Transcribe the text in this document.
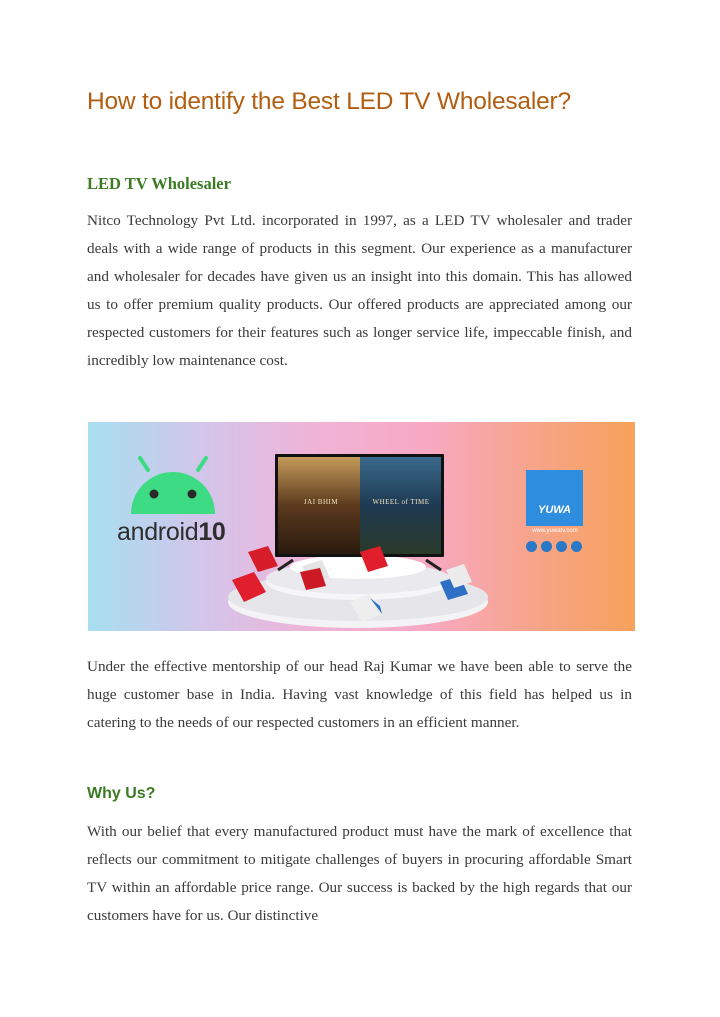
How to identify the Best LED TV Wholesaler?
LED TV Wholesaler

Nitco Technology Pvt Ltd. incorporated in 1997, as a LED TV wholesaler and trader deals with a wide range of products in this segment. Our experience as a manufacturer and wholesaler for decades have given us an insight into this domain. This has allowed us to offer premium quality products. Our offered products are appreciated among our respected customers for their features such as longer service life, impeccable finish, and incredibly low maintenance cost.

Under the effective mentorship of our head Raj Kumar we have been able to serve the huge customer base in India. Having vast knowledge of this field has helped us in catering to the needs of our respected customers in an efficient manner.

Why Us?

With our belief that every manufactured product must have the mark of excellence that reflects our commitment to mitigate challenges of buyers in procuring affordable Smart TV within an affordable price range. Our success is backed by the high regards that our customers have for us. Our distinctive

JAI BHIM	WHEEL of TIME
android10
YUWA
www.yuwatv.com
